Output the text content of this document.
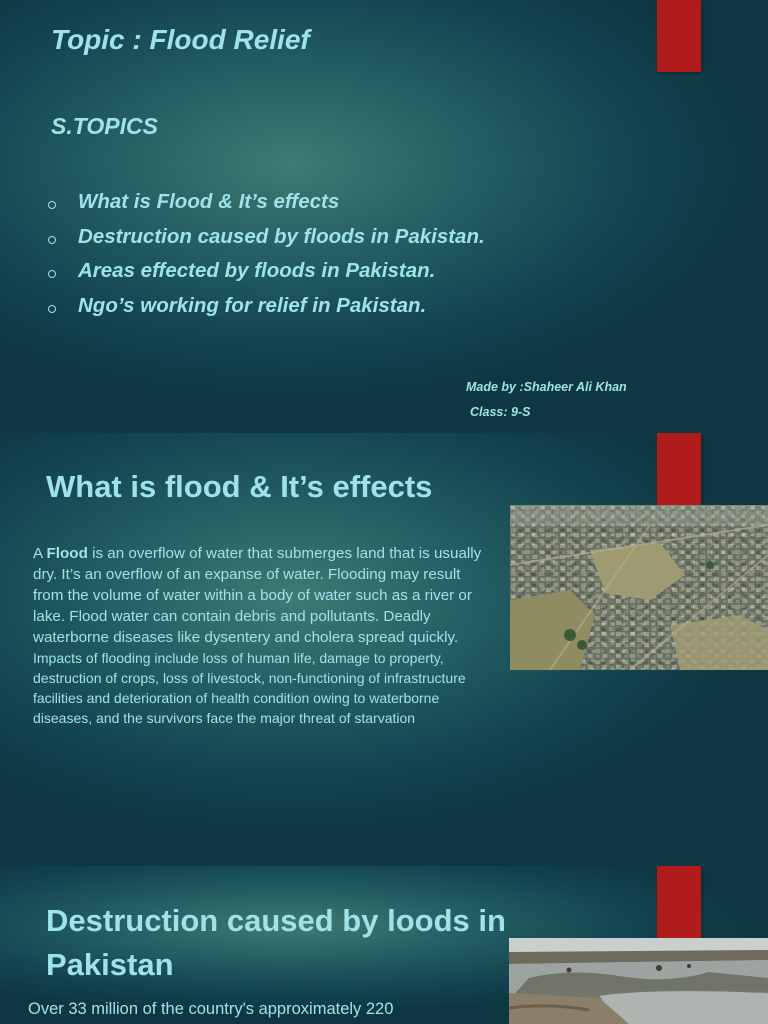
Topic : Flood Relief
S.TOPICS
What is Flood & It’s effects
Destruction caused by floods in Pakistan.
Areas effected by floods in Pakistan.
Ngo’s working for relief in Pakistan.

Made by :Shaheer Ali Khan

Class: 9-S

What is flood & It’s effects

A Flood is an overflow of water that submerges land that is usually dry. It’s an overflow of an expanse of water. Flooding may result from the volume of water within a body of water such as a river or lake. Flood water can contain debris and pollutants. Deadly waterborne diseases like dysentery and cholera spread quickly.
Impacts of flooding include loss of human life, damage to property, destruction of crops, loss of livestock, non-functioning of infrastructure facilities and deterioration of health condition owing to waterborne diseases, and the survivors face the major threat of starvation

Destruction caused by loods in Pakistan

Over 33 million of the country's approximately 220
